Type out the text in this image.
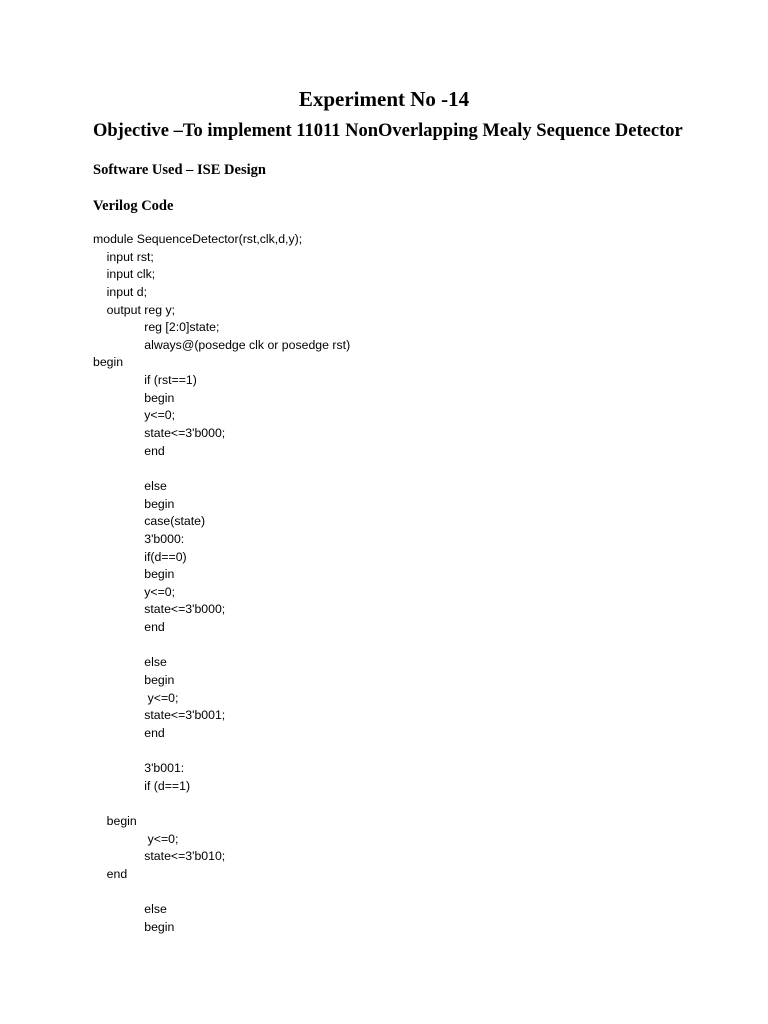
Experiment No -14
Objective –To implement 11011 NonOverlapping Mealy Sequence Detector
Software Used – ISE Design
Verilog Code
module SequenceDetector(rst,clk,d,y);
input rst;
input clk;
input d;
output reg y;
reg [2:0]state;
always@(posedge clk or posedge rst)
begin
if (rst==1)
begin
y<=0;
state<=3'b000;
end
else
begin
case(state)
3'b000:
if(d==0)
begin
y<=0;
state<=3'b000;
end
else
begin
y<=0;
state<=3'b001;
end
3'b001:
if (d==1)
begin
y<=0;
state<=3'b010;
end
else
begin
